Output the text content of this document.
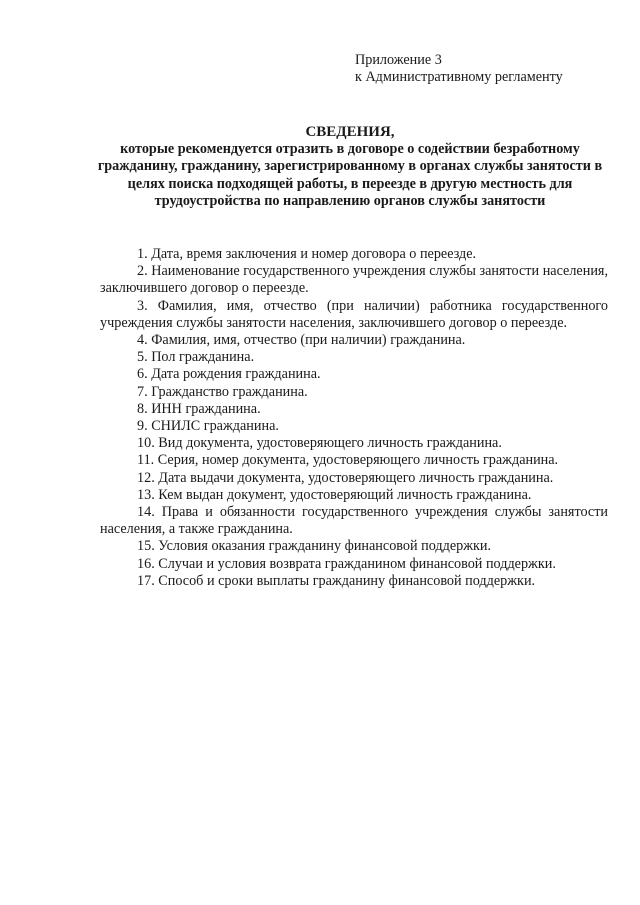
Приложение 3
к Административному регламенту
СВЕДЕНИЯ,
которые рекомендуется отразить в договоре о содействии безработному гражданину, гражданину, зарегистрированному в органах службы занятости в целях поиска подходящей работы, в переезде в другую местность для трудоустройства по направлению органов службы занятости

1. Дата, время заключения и номер договора о переезде.

2. Наименование государственного учреждения службы занятости населения, заключившего договор о переезде.

3. Фамилия, имя, отчество (при наличии) работника государственного учреждения службы занятости населения, заключившего договор о переезде.

4. Фамилия, имя, отчество (при наличии) гражданина.

5. Пол гражданина.

6. Дата рождения гражданина.

7. Гражданство гражданина.

8. ИНН гражданина.

9. СНИЛС гражданина.

10. Вид документа, удостоверяющего личность гражданина.

11. Серия, номер документа, удостоверяющего личность гражданина.

12. Дата выдачи документа, удостоверяющего личность гражданина.

13. Кем выдан документ, удостоверяющий личность гражданина.

14. Права и обязанности государственного учреждения службы занятости населения, а также гражданина.

15. Условия оказания гражданину финансовой поддержки.

16. Случаи и условия возврата гражданином финансовой поддержки.

17. Способ и сроки выплаты гражданину финансовой поддержки.
